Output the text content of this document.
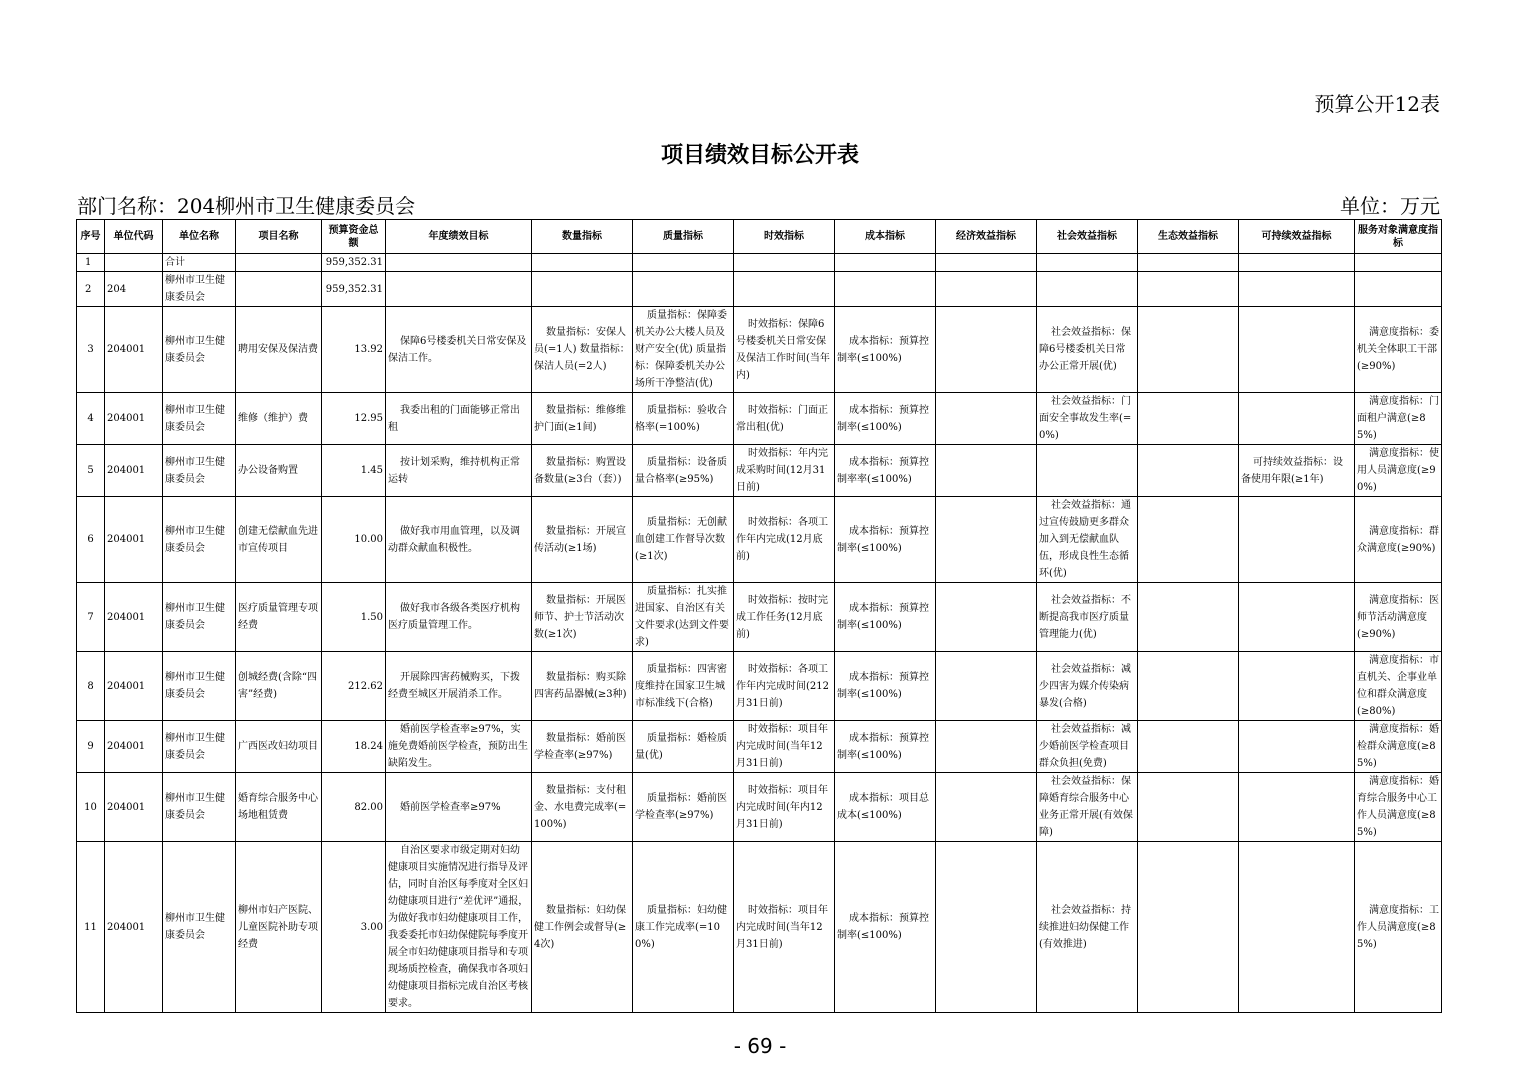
预算公开12表
项目绩效目标公开表
部门名称：204柳州市卫生健康委员会	单位：万元
序号	单位代码	单位名称	项目名称	预算资金总额	年度绩效目标	数量指标	质量指标	时效指标	成本指标	经济效益指标	社会效益指标	生态效益指标	可持续效益指标	服务对象满意度指标
1		合计		959,352.31										
2	204	柳州市卫生健康委员会		959,352.31										
3	204001	柳州市卫生健康委员会	聘用安保及保洁费	13.92	保障6号楼委机关日常安保及保洁工作。	数量指标：安保人员(=1人) 数量指标：保洁人员(=2人)	质量指标：保障委机关办公大楼人员及财产安全(优) 质量指标：保障委机关办公场所干净整洁(优)	时效指标：保障6号楼委机关日常安保及保洁工作时间(当年内)	成本指标：预算控制率(≤100%)		社会效益指标：保障6号楼委机关日常办公正常开展(优)			满意度指标：委机关全体职工干部(≥90%)
4	204001	柳州市卫生健康委员会	维修（维护）费	12.95	我委出租的门面能够正常出租	数量指标：维修维护门面(≥1间)	质量指标：验收合格率(=100%)	时效指标：门面正常出租(优)	成本指标：预算控制率(≤100%)		社会效益指标：门面安全事故发生率(=0%)			满意度指标：门面租户满意(≥85%)
5	204001	柳州市卫生健康委员会	办公设备购置	1.45	按计划采购，维持机构正常运转	数量指标：购置设备数量(≥3台（套）)	质量指标：设备质量合格率(≥95%)	时效指标：年内完成采购时间(12月31日前)	成本指标：预算控制率率(≤100%)				可持续效益指标：设备使用年限(≥1年)	满意度指标：使用人员满意度(≥90%)
6	204001	柳州市卫生健康委员会	创建无偿献血先进市宣传项目	10.00	做好我市用血管理，以及调动群众献血积极性。	数量指标：开展宣传活动(≥1场)	质量指标：无创献血创建工作督导次数(≥1次)	时效指标：各项工作年内完成(12月底前)	成本指标：预算控制率(≤100%)		社会效益指标：通过宣传鼓励更多群众加入到无偿献血队伍，形成良性生态循环(优)			满意度指标：群众满意度(≥90%)
7	204001	柳州市卫生健康委员会	医疗质量管理专项经费	1.50	做好我市各级各类医疗机构医疗质量管理工作。	数量指标：开展医师节、护士节活动次数(≥1次)	质量指标：扎实推进国家、自治区有关文件要求(达到文件要求)	时效指标：按时完成工作任务(12月底前)	成本指标：预算控制率(≤100%)		社会效益指标：不断提高我市医疗质量管理能力(优)			满意度指标：医师节活动满意度(≥90%)
8	204001	柳州市卫生健康委员会	创城经费(含除“四害”经费)	212.62	开展除四害药械购买，下拨经费至城区开展消杀工作。	数量指标：购买除四害药品器械(≥3种)	质量指标：四害密度维持在国家卫生城市标准线下(合格)	时效指标：各项工作年内完成时间(212月31日前)	成本指标：预算控制率(≤100%)		社会效益指标：减少四害为媒介传染病暴发(合格)			满意度指标：市直机关、企事业单位和群众满意度(≥80%)
9	204001	柳州市卫生健康委员会	广西医改妇幼项目	18.24	婚前医学检查率≥97%，实施免费婚前医学检查，预防出生缺陷发生。	数量指标：婚前医学检查率(≥97%)	质量指标：婚检质量(优)	时效指标：项目年内完成时间(当年12月31日前)	成本指标：预算控制率(≤100%)		社会效益指标：减少婚前医学检查项目群众负担(免费)			满意度指标：婚检群众满意度(≥85%)
10	204001	柳州市卫生健康委员会	婚育综合服务中心场地租赁费	82.00	婚前医学检查率≥97%	数量指标：支付租金、水电费完成率(=100%)	质量指标：婚前医学检查率(≥97%)	时效指标：项目年内完成时间(年内12月31日前)	成本指标：项目总成本(≤100%)		社会效益指标：保障婚育综合服务中心业务正常开展(有效保障)			满意度指标：婚育综合服务中心工作人员满意度(≥85%)
11	204001	柳州市卫生健康委员会	柳州市妇产医院、儿童医院补助专项经费	3.00	自治区要求市级定期对妇幼健康项目实施情况进行指导及评估，同时自治区每季度对全区妇幼健康项目进行“差优评”通报，为做好我市妇幼健康项目工作，我委委托市妇幼保健院每季度开展全市妇幼健康项目指导和专项现场质控检查，确保我市各项妇幼健康项目指标完成自治区考核要求。	数量指标：妇幼保健工作例会或督导(≥4次)	质量指标：妇幼健康工作完成率(=100%)	时效指标：项目年内完成时间(当年12月31日前)	成本指标：预算控制率(≤100%)		社会效益指标：持续推进妇幼保健工作(有效推进)			满意度指标：工作人员满意度(≥85%)
- 69 -
